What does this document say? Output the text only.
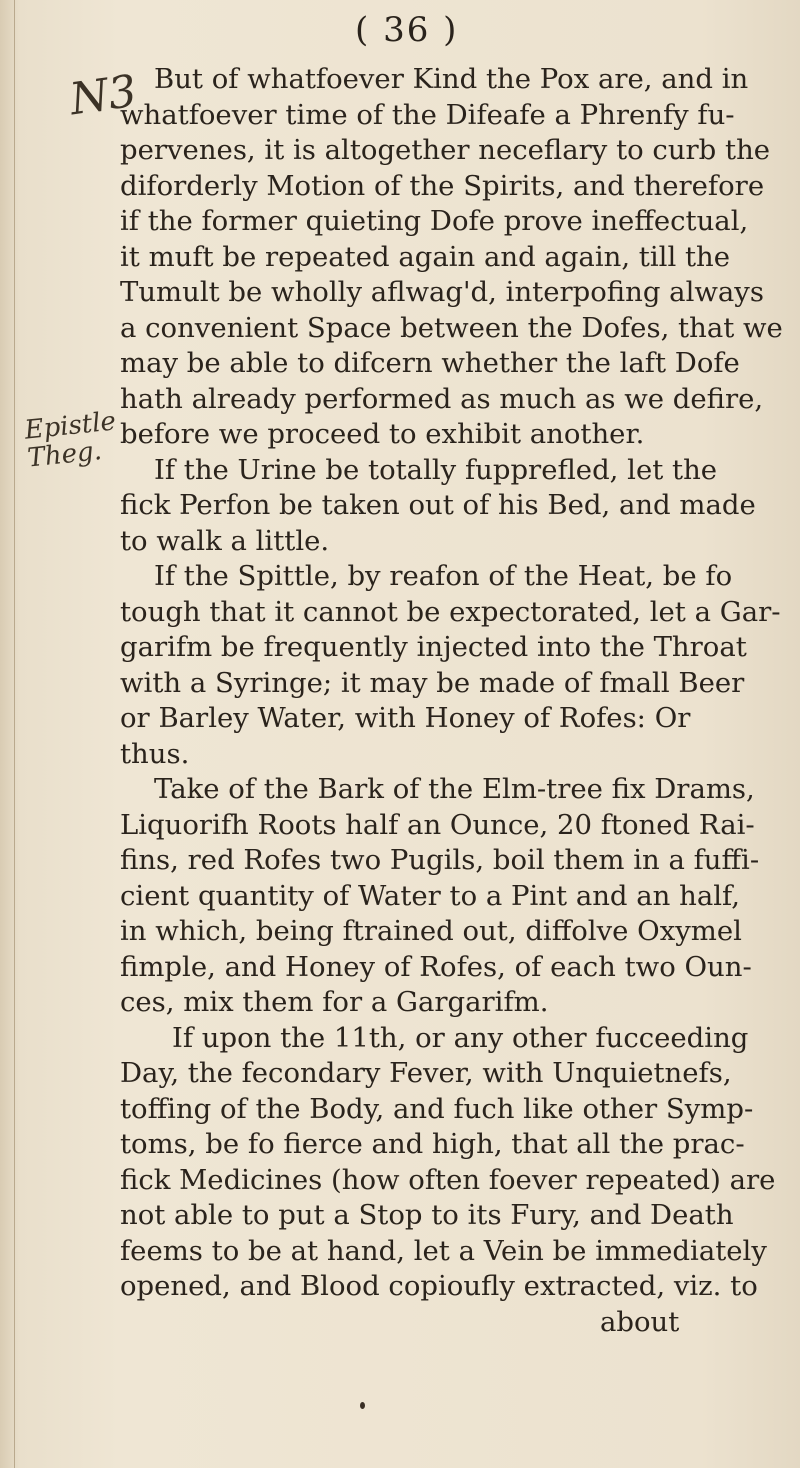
( 36 )
N3
Epistle
Theg.
But of whatfoever Kind the Pox are, and in
whatfoever time of the Difeafe a Phrenfy fu-
pervenes, it is altogether neceflary to curb the
diforderly Motion of the Spirits, and therefore
if the former quieting Dofe prove ineffectual,
it muft be repeated again and again, till the
Tumult be wholly aflwag'd, interpofing always
a convenient Space between the Dofes, that we
may be able to difcern whether the laft Dofe
hath already performed as much as we defire,
before we proceed to exhibit another.
If the Urine be totally fupprefled, let the
fick Perfon be taken out of his Bed, and made
to walk a little.
If the Spittle, by reafon of the Heat, be fo
tough that it cannot be expectorated, let a Gar-
garifm be frequently injected into the Throat
with a Syringe; it may be made of fmall Beer
or Barley Water, with Honey of Rofes: Or
thus.
Take of the Bark of the Elm-tree fix Drams,
Liquorifh Roots half an Ounce, 20 ftoned Rai-
fins, red Rofes two Pugils, boil them in a fuffi-
cient quantity of Water to a Pint and an half,
in which, being ftrained out, diffolve Oxymel
fimple, and Honey of Rofes, of each two Oun-
ces, mix them for a Gargarifm.
If upon the 11th, or any other fucceeding
Day, the fecondary Fever, with Unquietnefs,
toffing of the Body, and fuch like other Symp-
toms, be fo fierce and high, that all the prac-
fick Medicines (how often foever repeated) are
not able to put a Stop to its Fury, and Death
feems to be at hand, let a Vein be immediately
opened, and Blood copioufly extracted, viz. to
about
